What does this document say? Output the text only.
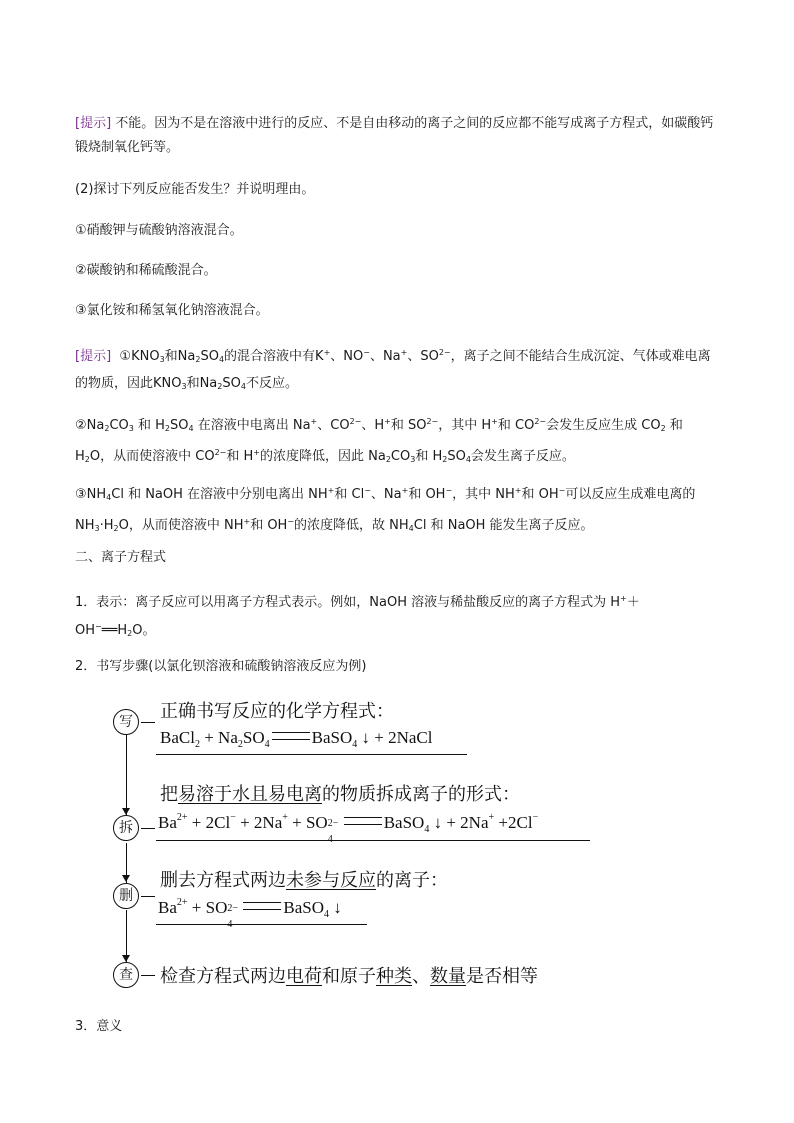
[提示] 不能。因为不是在溶液中进行的反应、不是自由移动的离子之间的反应都不能写成离子方程式，如碳酸钙锻烧制氧化钙等。

(2)探讨下列反应能否发生？并说明理由。

①硝酸钾与硫酸钠溶液混合。

②碳酸钠和稀硫酸混合。

③氯化铵和稀氢氧化钠溶液混合。

[提示] $①KNO_3$和$Na_2SO_4$的混合溶液中有K+、NO−、Na+、$SO^{2-}$，离子之间不能结合生成沉淀、气体或难电离的物质，因此$KNO_3$和$Na_2SO_4$不反应。

$②Na_2CO_3$ 和 $H_2SO_4$ 在溶液中电离出 Na+、$CO^{2-}$、H+和 $SO^{2-}$，其中 H+和 $CO^{2-}$会发生反应生成 $CO_2$ 和 $H_2O$，从而使溶液中 $CO^{2-}$和 H+的浓度降低，因此 $Na_2CO_3$和 $H_2SO_4$会发生离子反应。

$③NH_4Cl$ 和 NaOH 在溶液中分别电离出 NH+和 Cl−、Na+和 OH−，其中 NH+和 OH−可以反应生成难电离的 $NH_3\cdot H_2O$，从而使溶液中 NH+和 OH−的浓度降低，故 $NH_4Cl$ 和 NaOH 能发生离子反应。

二、离子方程式

1．表示：离子反应可以用离子方程式表示。例如，NaOH 溶液与稀盐酸反应的离子方程式为 $H^++OH^-══H_2O$。

2．书写步骤(以氯化钡溶液和硫酸钠溶液反应为例)

写
正确书写反应的化学方程式：
BaCl$_2$ + $Na_2SO_4$ BaSO$_4$ ↓ + 2NaCl
把易溶于水且易电离的物质拆成离子的形式：
拆	$Ba^{2+} + 2Cl^- + 2Na^+$ + SO 2−
4
BaSO$_4$ ↓ + 2Na+ +2Cl−
删去方程式两边未参与反应的离子：
删
$Ba^{2+}$ + SO 2−
4
BaSO$_4$ ↓
查	检查方程式两边电荷和原子种类、数量是否相等

3．意义
